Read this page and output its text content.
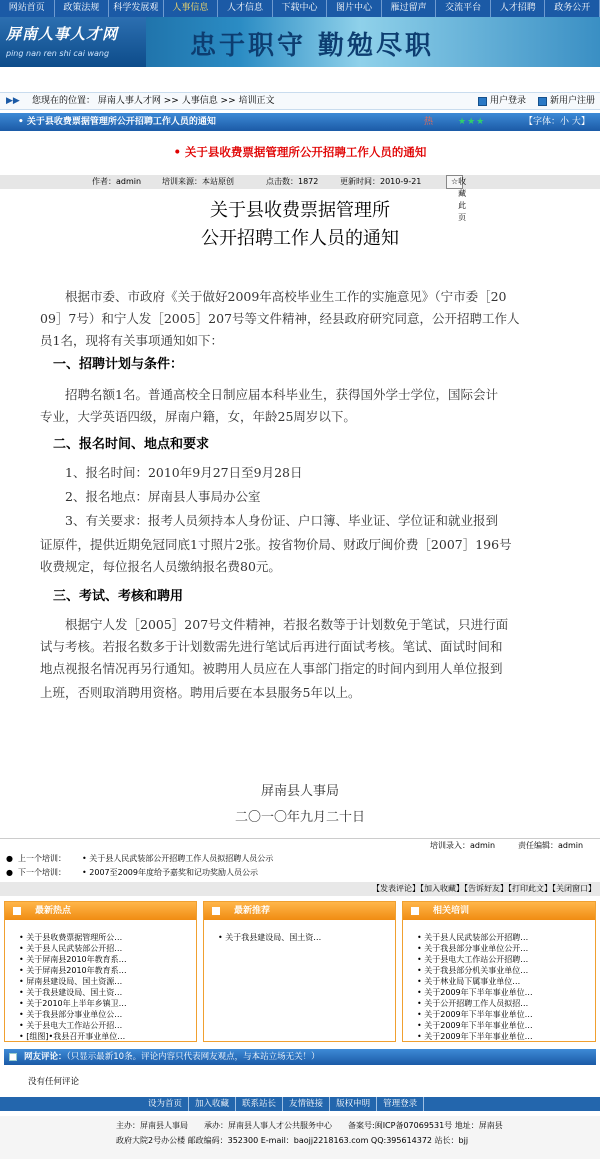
网站首页	政策法规	科学发展观	人事信息	人才信息	下载中心	图片中心	雁过留声	交流平台	人才招聘	政务公开
屏南人事人才网
ping nan ren shi cai wang	忠于职守 勤勉尽职
▶▶ 您现在的位置： 屏南人事人才网 >> 人事信息 >> 培训正文	用户登录	新用户注册
• 关于县收费票据管理所公开招聘工作人员的通知	热	★★★	【字体：小 大】
• 关于县收费票据管理所公开招聘工作人员的通知
作者：admin	培训来源：本站原创	点击数：1872	更新时间：2010-9-21	☆ 收藏此页
关于县收费票据管理所
公开招聘工作人员的通知

　　根据市委、市政府《关于做好2009年高校毕业生工作的实施意见》（宁市委［20

09］7号）和宁人发［2005］207号等文件精神，经县政府研究同意，公开招聘工作人

员1名，现将有关事项通知如下：

　一、招聘计划与条件：

　　招聘名额1名。普通高校全日制应届本科毕业生，获得国外学士学位，国际会计

专业，大学英语四级，屏南户籍，女，年龄25周岁以下。

　二、报名时间、地点和要求

　　1、报名时间：2010年9月27日至9月28日

　　2、报名地点：屏南县人事局办公室

　　3、有关要求：报考人员须持本人身份证、户口簿、毕业证、学位证和就业报到

证原件，提供近期免冠同底1寸照片2张。按省物价局、财政厅闽价费［2007］196号

收费规定，每位报名人员缴纳报名费80元。

　三、考试、考核和聘用

　　根据宁人发［2005］207号文件精神，若报名数等于计划数免于笔试，只进行面

试与考核。若报名数多于计划数需先进行笔试后再进行面试考核。笔试、面试时间和

地点视报名情况再另行通知。被聘用人员应在人事部门指定的时间内到用人单位报到

上班，否则取消聘用资格。聘用后要在本县服务5年以上。

屏南县人事局
二〇一〇年九月二十日
培训录入：admin	责任编辑：admin
● 上一个培训： • 关于县人民武装部公开招聘工作人员拟招聘人员公示
● 下一个培训： • 2007至2009年度给予嘉奖和记功奖励人员公示
【发表评论】【加入收藏】【告诉好友】【打印此文】【关闭窗口】
最新热点
• 关于县收费票据管理所公…
• 关于县人民武装部公开招…
• 关于屏南县2010年教育系…
• 关于屏南县2010年教育系…
• 屏南县建设局、国土资源…
• 关于我县建设局、国土资…
• 关于2010年上半年乡镇卫…
• 关于我县部分事业单位公…
• 关于县电大工作站公开招…
• [组图]•我县召开事业单位…
最新推荐
• 关于我县建设局、国土资…
相关培训
• 关于县人民武装部公开招聘…
• 关于我县部分事业单位公开…
• 关于县电大工作站公开招聘…
• 关于我县部分机关事业单位…
• 关于林业局下属事业单位…
• 关于2009年下半年事业单位…
• 关于公开招聘工作人员拟招…
• 关于2009年下半年事业单位…
• 关于2009年下半年事业单位…
• 关于2009年下半年事业单位…
网友评论：（只显示最新10条。评论内容只代表网友观点，与本站立场无关！）
没有任何评论
设为首页	加入收藏	联系站长	友情链接	版权申明	管理登录
主办：屏南县人事局　　承办：屏南县人事人才公共服务中心　　备案号:闽ICP备07069531号 地址：屏南县
政府大院2号办公楼 邮政编码：352300 E-mail：baojj2218163.com QQ:395614372 站长：bjj
